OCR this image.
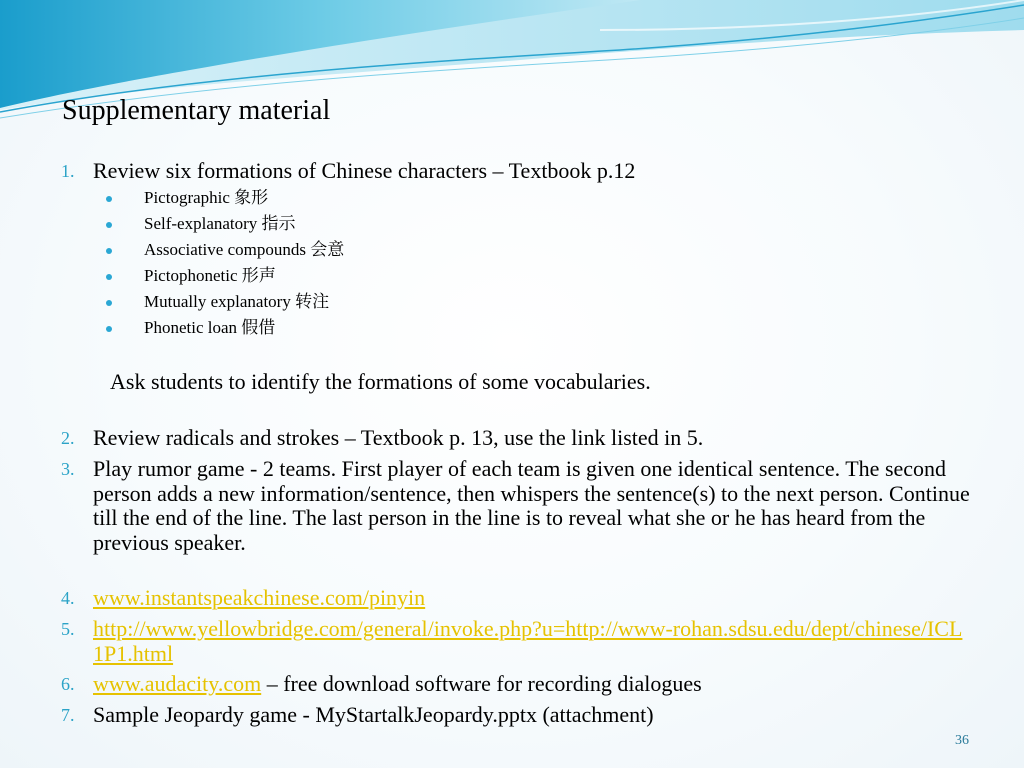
Supplementary material
1. Review six formations of Chinese characters – Textbook p.12
Pictographic 象形
Self-explanatory 指示
Associative compounds 会意
Pictophonetic 形声
Mutually explanatory 转注
Phonetic loan 假借
Ask students to identify the formations of some vocabularies.
2. Review radicals and strokes – Textbook p. 13, use the link listed in 5.
3. Play rumor game - 2 teams. First player of each team is given one identical sentence. The second person adds a new information/sentence, then whispers the sentence(s) to the next person. Continue till the end of the line. The last person in the line is to reveal what she or he has heard from the previous speaker.
4. www.instantspeakchinese.com/pinyin
5. http://www.yellowbridge.com/general/invoke.php?u=http://www-rohan.sdsu.edu/dept/chinese/ICL1P1.html
6. www.audacity.com – free download software for recording dialogues
7. Sample Jeopardy game - MyStartalkJeopardy.pptx (attachment)
36
